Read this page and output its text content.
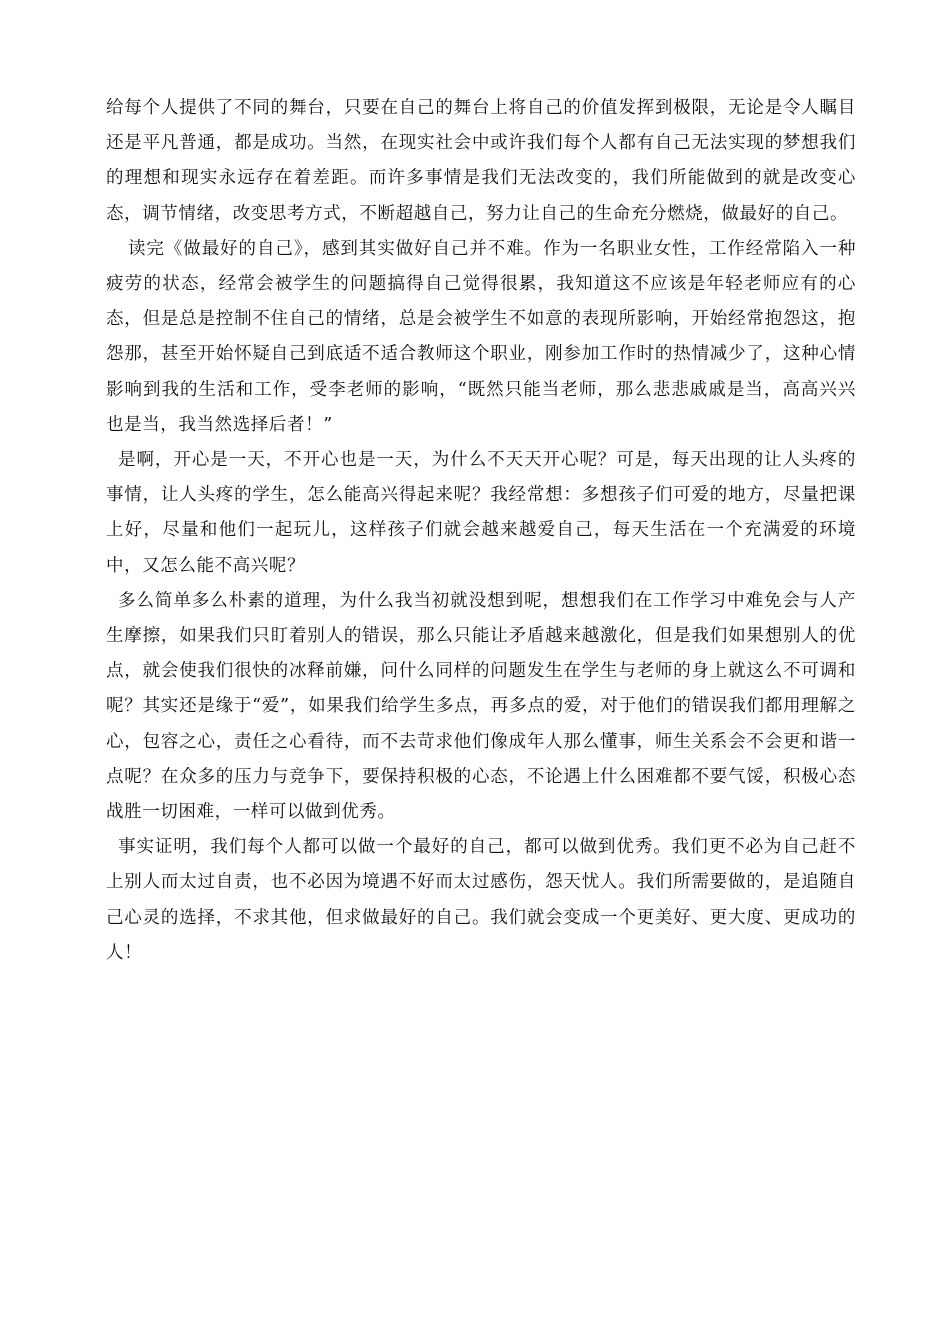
给每个人提供了不同的舞台，只要在自己的舞台上将自己的价值发挥到极限，无论是令人瞩目还是平凡普通，都是成功。当然，在现实社会中或许我们每个人都有自己无法实现的梦想我们的理想和现实永远存在着差距。而许多事情是我们无法改变的，我们所能做到的就是改变心态，调节情绪，改变思考方式，不断超越自己，努力让自己的生命充分燃烧，做最好的自己。

读完《做最好的自己》，感到其实做好自己并不难。作为一名职业女性，工作经常陷入一种疲劳的状态，经常会被学生的问题搞得自己觉得很累，我知道这不应该是年轻老师应有的心态，但是总是控制不住自己的情绪，总是会被学生不如意的表现所影响，开始经常抱怨这，抱怨那，甚至开始怀疑自己到底适不适合教师这个职业，刚参加工作时的热情减少了，这种心情影响到我的生活和工作，受李老师的影响，“既然只能当老师，那么悲悲戚戚是当，高高兴兴也是当，我当然选择后者！”

是啊，开心是一天，不开心也是一天，为什么不天天开心呢？可是，每天出现的让人头疼的事情，让人头疼的学生，怎么能高兴得起来呢？我经常想：多想孩子们可爱的地方，尽量把课上好，尽量和他们一起玩儿，这样孩子们就会越来越爱自己，每天生活在一个充满爱的环境中，又怎么能不高兴呢？

多么简单多么朴素的道理，为什么我当初就没想到呢，想想我们在工作学习中难免会与人产生摩擦，如果我们只盯着别人的错误，那么只能让矛盾越来越激化，但是我们如果想别人的优点，就会使我们很快的冰释前嫌，问什么同样的问题发生在学生与老师的身上就这么不可调和呢？其实还是缘于“爱”，如果我们给学生多点，再多点的爱，对于他们的错误我们都用理解之心，包容之心，责任之心看待，而不去苛求他们像成年人那么懂事，师生关系会不会更和谐一点呢？在众多的压力与竞争下，要保持积极的心态，不论遇上什么困难都不要气馁，积极心态战胜一切困难，一样可以做到优秀。

事实证明，我们每个人都可以做一个最好的自己，都可以做到优秀。我们更不必为自己赶不上别人而太过自责，也不必因为境遇不好而太过感伤，怨天忧人。我们所需要做的，是追随自己心灵的选择，不求其他，但求做最好的自己。我们就会变成一个更美好、更大度、更成功的人！
